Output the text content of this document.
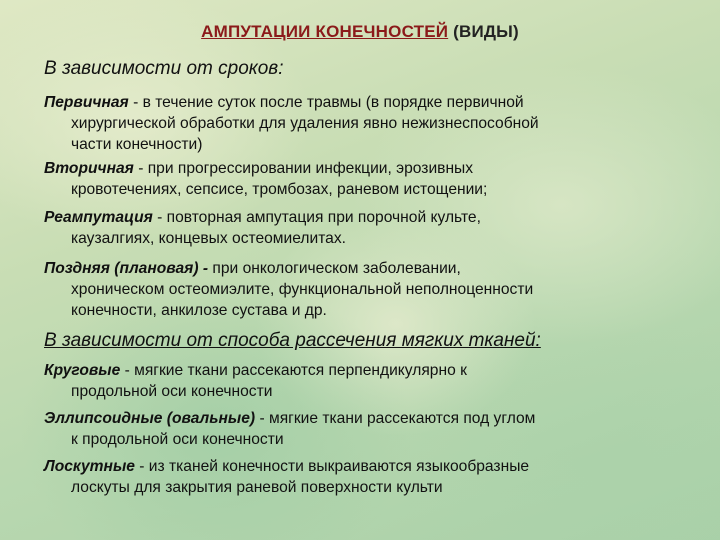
АМПУТАЦИИ КОНЕЧНОСТЕЙ (ВИДЫ)
В зависимости от сроков:
Первичная - в течение суток после травмы (в порядке первичной
хирургической обработки для удаления явно нежизнеспособной
части конечности)
Вторичная - при прогрессировании инфекции, эрозивных
кровотечениях, сепсисе, тромбозах, раневом истощении;
Реампутация - повторная ампутация при порочной культе,
каузалгиях, концевых остеомиелитах.
Поздняя (плановая) - при онкологическом заболевании,
хроническом остеомиэлите, функциональной неполноценности
конечности, анкилозе сустава и др.
В зависимости от способа рассечения мягких тканей:
Круговые - мягкие ткани рассекаются перпендикулярно к
продольной оси конечности
Эллипсоидные (овальные) - мягкие ткани рассекаются под углом
к продольной оси конечности
Лоскутные - из тканей конечности выкраиваются языкообразные
лоскуты для закрытия раневой поверхности культи
